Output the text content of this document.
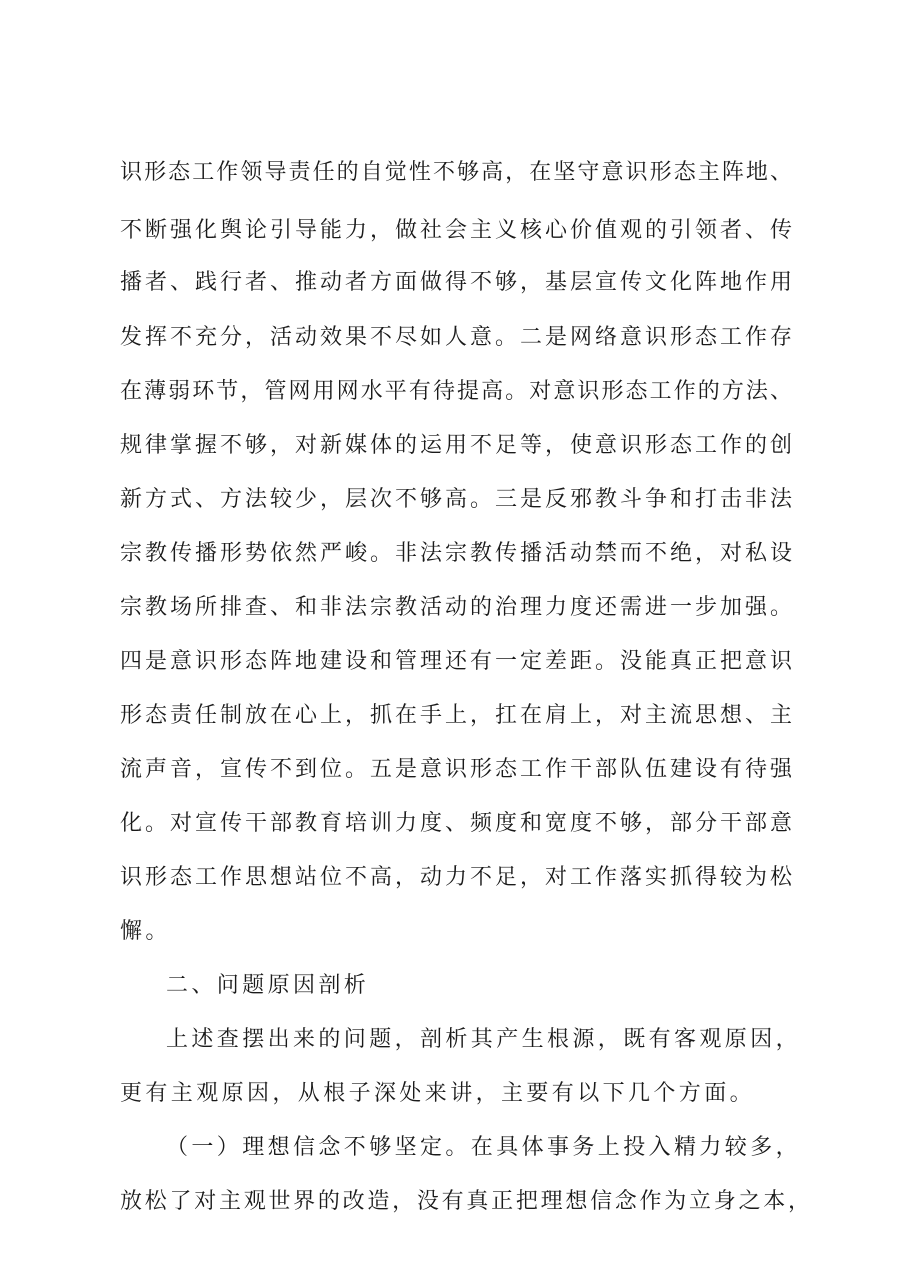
识形态工作领导责任的自觉性不够高，在坚守意识形态主阵地、
不断强化舆论引导能力，做社会主义核心价值观的引领者、传
播者、践行者、推动者方面做得不够，基层宣传文化阵地作用
发挥不充分，活动效果不尽如人意。二是网络意识形态工作存
在薄弱环节，管网用网水平有待提高。对意识形态工作的方法、
规律掌握不够，对新媒体的运用不足等，使意识形态工作的创
新方式、方法较少，层次不够高。三是反邪教斗争和打击非法
宗教传播形势依然严峻。非法宗教传播活动禁而不绝，对私设
宗教场所排查、和非法宗教活动的治理力度还需进一步加强。
四是意识形态阵地建设和管理还有一定差距。没能真正把意识
形态责任制放在心上，抓在手上，扛在肩上，对主流思想、主
流声音，宣传不到位。五是意识形态工作干部队伍建设有待强
化。对宣传干部教育培训力度、频度和宽度不够，部分干部意
识形态工作思想站位不高，动力不足，对工作落实抓得较为松
懈。
二、问题原因剖析
上述查摆出来的问题，剖析其产生根源，既有客观原因，
更有主观原因，从根子深处来讲，主要有以下几个方面。
（一）理想信念不够坚定。在具体事务上投入精力较多，
放松了对主观世界的改造，没有真正把理想信念作为立身之本，
